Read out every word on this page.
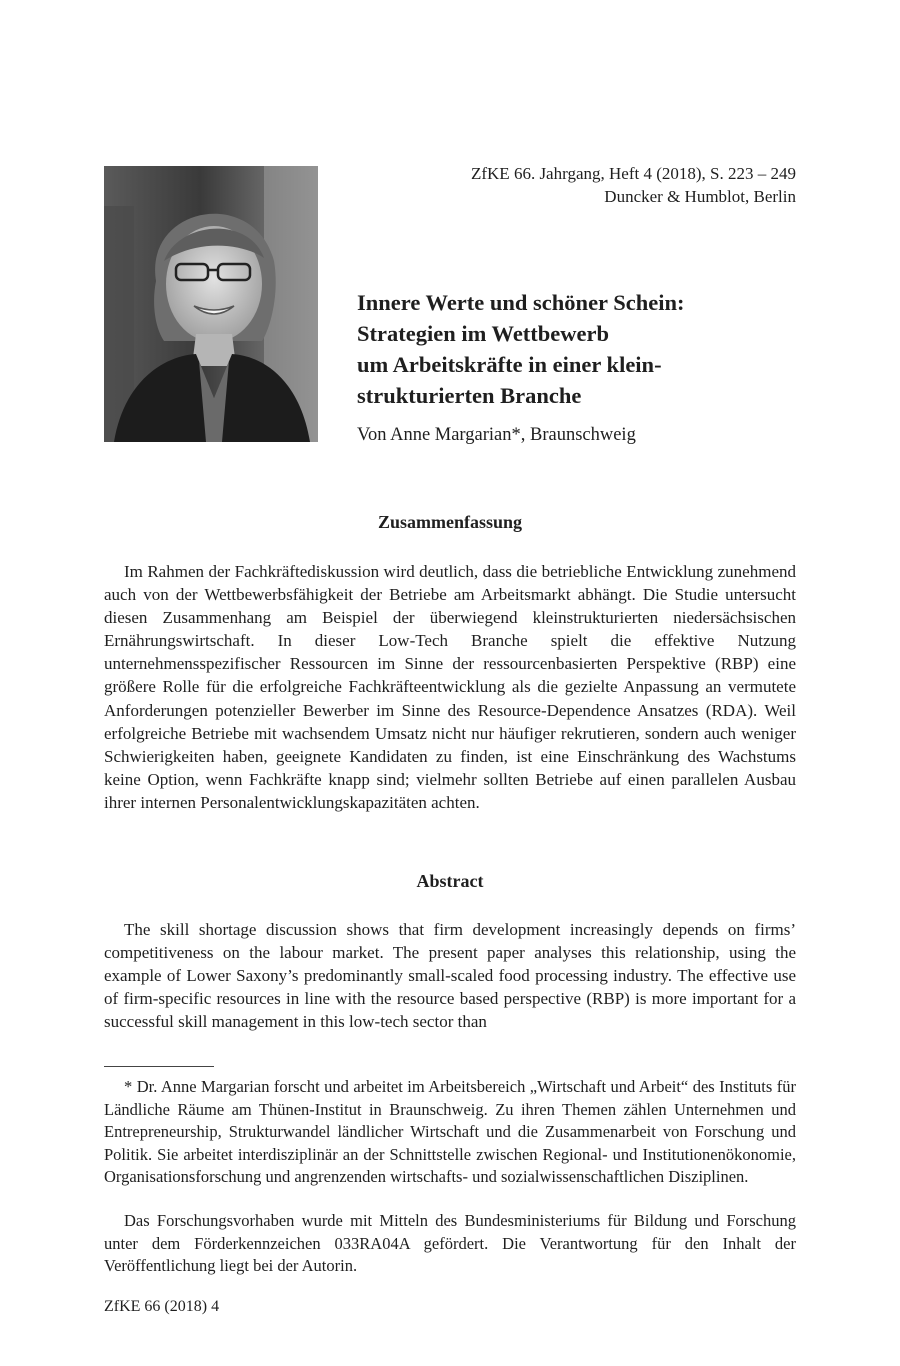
ZfKE 66. Jahrgang, Heft 4 (2018), S. 223 – 249
Duncker & Humblot, Berlin
Innere Werte und schöner Schein:
Strategien im Wettbewerb
um Arbeitskräfte in einer klein-
strukturierten Branche
Von Anne Margarian*, Braunschweig
Zusammenfassung

Im Rahmen der Fachkräftediskussion wird deutlich, dass die betriebliche Entwicklung zunehmend auch von der Wettbewerbsfähigkeit der Betriebe am Arbeitsmarkt abhängt. Die Studie untersucht diesen Zusammenhang am Beispiel der überwiegend kleinstrukturierten niedersächsischen Ernährungswirtschaft. In dieser Low-Tech Branche spielt die effektive Nutzung unternehmensspezifischer Ressourcen im Sinne der ressourcenbasierten Perspektive (RBP) eine größere Rolle für die erfolgreiche Fachkräfteentwicklung als die gezielte Anpassung an vermutete Anforderungen potenzieller Bewerber im Sinne des Resource-Dependence Ansatzes (RDA). Weil erfolgreiche Betriebe mit wachsendem Umsatz nicht nur häufiger rekrutieren, sondern auch weniger Schwierigkeiten haben, geeignete Kandidaten zu finden, ist eine Einschränkung des Wachstums keine Option, wenn Fachkräfte knapp sind; vielmehr sollten Betriebe auf einen parallelen Ausbau ihrer internen Personalentwicklungskapazitäten achten.

Abstract

The skill shortage discussion shows that firm development increasingly depends on firms’ competitiveness on the labour market. The present paper analyses this relationship, using the example of Lower Saxony’s predominantly small-scaled food processing industry. The effective use of firm-specific resources in line with the resource based perspective (RBP) is more important for a successful skill management in this low-tech sector than

* Dr. Anne Margarian forscht und arbeitet im Arbeitsbereich „Wirtschaft und Arbeit“ des Instituts für Ländliche Räume am Thünen-Institut in Braunschweig. Zu ihren Themen zählen Unternehmen und Entrepreneurship, Strukturwandel ländlicher Wirtschaft und die Zusammenarbeit von Forschung und Politik. Sie arbeitet interdisziplinär an der Schnittstelle zwischen Regional- und Institutionenökonomie, Organisationsforschung und angrenzenden wirtschafts- und sozialwissenschaftlichen Disziplinen.

Das Forschungsvorhaben wurde mit Mitteln des Bundesministeriums für Bildung und Forschung unter dem Förderkennzeichen 033RA04A gefördert. Die Verantwortung für den Inhalt der Veröffentlichung liegt bei der Autorin.

ZfKE 66 (2018) 4
